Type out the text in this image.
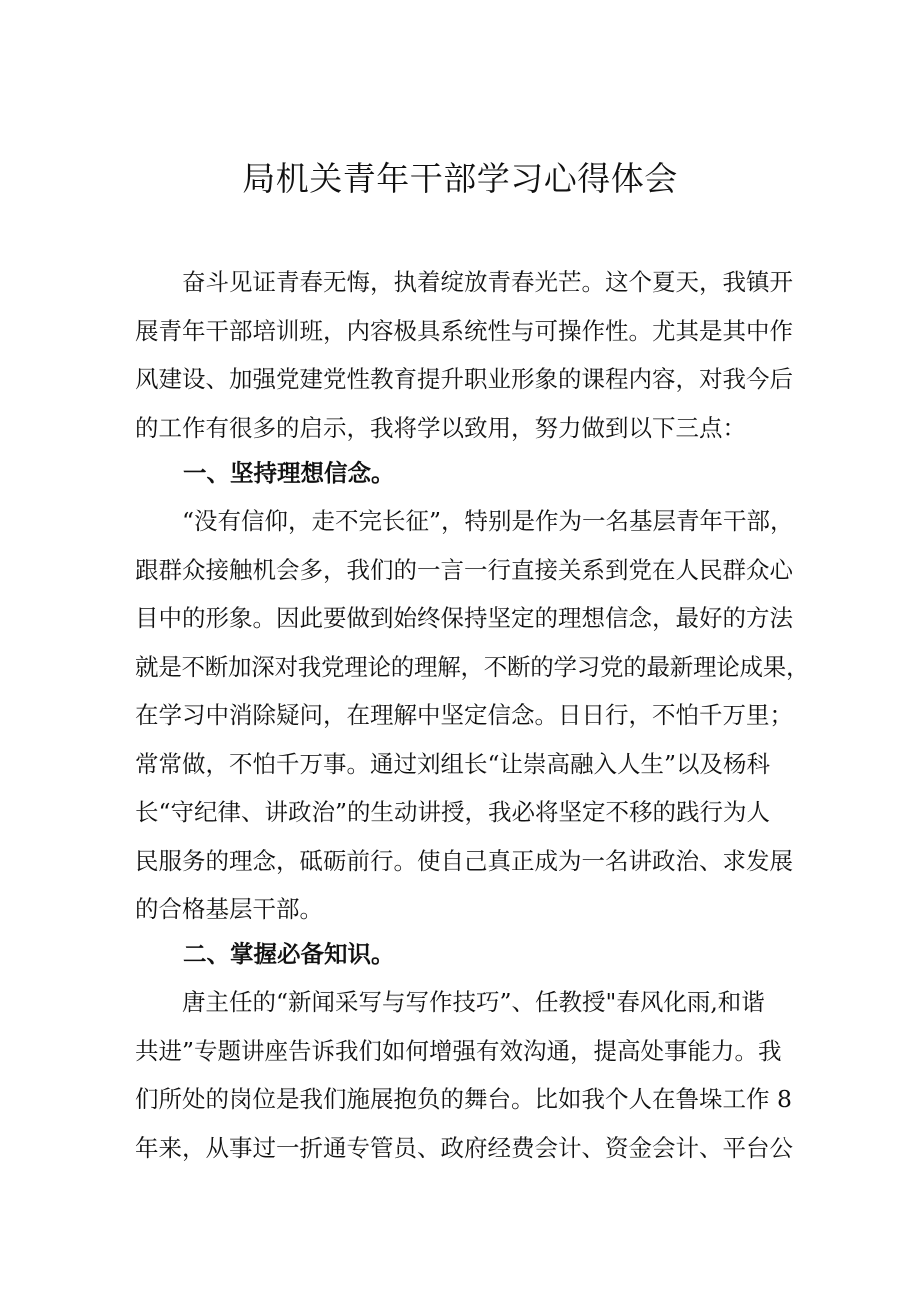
局机关青年干部学习心得体会
　　奋斗见证青春无悔，执着绽放青春光芒。这个夏天，我镇开
展青年干部培训班，内容极具系统性与可操作性。尤其是其中作
风建设、加强党建党性教育提升职业形象的课程内容，对我今后
的工作有很多的启示，我将学以致用，努力做到以下三点：
一、坚持理想信念。
　　“没有信仰，走不完长征”，特别是作为一名基层青年干部，
跟群众接触机会多，我们的一言一行直接关系到党在人民群众心
目中的形象。因此要做到始终保持坚定的理想信念，最好的方法
就是不断加深对我党理论的理解，不断的学习党的最新理论成果，
在学习中消除疑问，在理解中坚定信念。日日行，不怕千万里；
常常做，不怕千万事。通过刘组长“让崇高融入人生”以及杨科
长“守纪律、讲政治”的生动讲授，我必将坚定不移的践行为人
民服务的理念，砥砺前行。使自己真正成为一名讲政治、求发展
的合格基层干部。
二、掌握必备知识。
　　唐主任的“新闻采写与写作技巧”、任教授"春风化雨,和谐
共进”专题讲座告诉我们如何增强有效沟通，提高处事能力。我
们所处的岗位是我们施展抱负的舞台。比如我个人在鲁垛工作 8
年来，从事过一折通专管员、政府经费会计、资金会计、平台公
